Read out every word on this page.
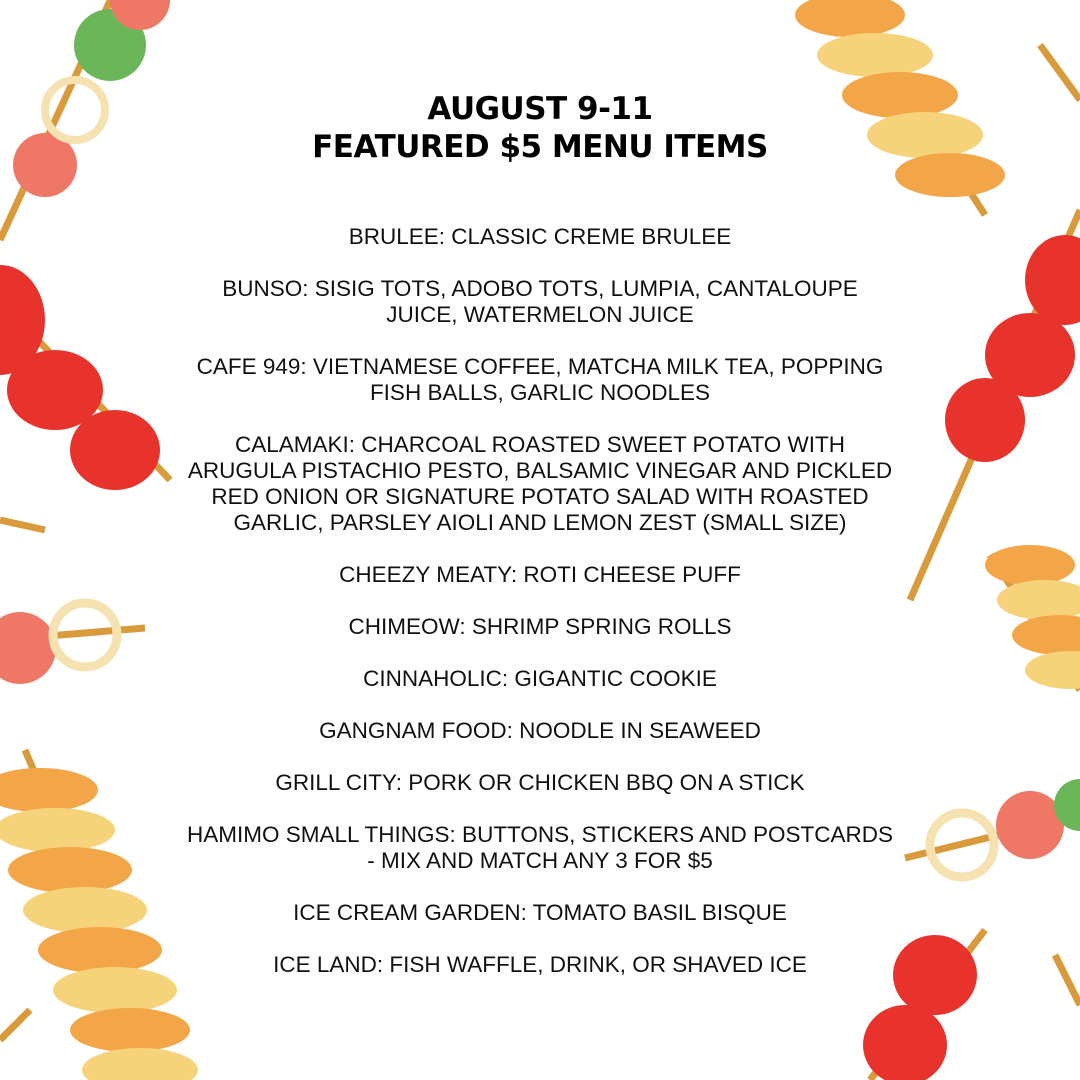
AUGUST 9-11
FEATURED $5 MENU ITEMS
BRULEE: CLASSIC CREME BRULEE
BUNSO: SISIG TOTS, ADOBO TOTS, LUMPIA, CANTALOUPE
JUICE, WATERMELON JUICE
CAFE 949: VIETNAMESE COFFEE, MATCHA MILK TEA, POPPING
FISH BALLS, GARLIC NOODLES
CALAMAKI: CHARCOAL ROASTED SWEET POTATO WITH
ARUGULA PISTACHIO PESTO, BALSAMIC VINEGAR AND PICKLED
RED ONION OR SIGNATURE POTATO SALAD WITH ROASTED
GARLIC, PARSLEY AIOLI AND LEMON ZEST (SMALL SIZE)
CHEEZY MEATY: ROTI CHEESE PUFF
CHIMEOW: SHRIMP SPRING ROLLS
CINNAHOLIC: GIGANTIC COOKIE
GANGNAM FOOD: NOODLE IN SEAWEED
GRILL CITY: PORK OR CHICKEN BBQ ON A STICK
HAMIMO SMALL THINGS: BUTTONS, STICKERS AND POSTCARDS
- MIX AND MATCH ANY 3 FOR $5
ICE CREAM GARDEN: TOMATO BASIL BISQUE
ICE LAND: FISH WAFFLE, DRINK, OR SHAVED ICE
